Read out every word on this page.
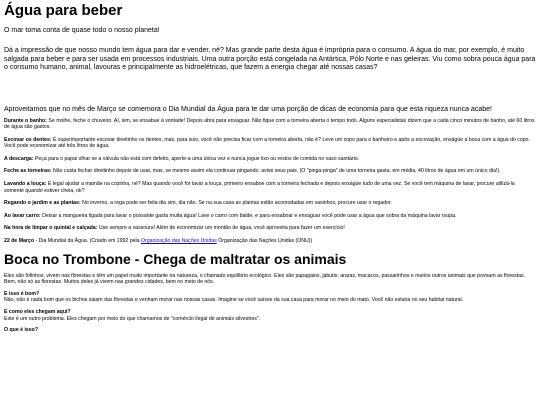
Água para beber

O mar toma conta de quase todo o nosso planeta!

Dá a impressão de que nosso mundo tem água para dar e vender, né? Mas grande parte desta água é imprópria para o consumo. A água do mar, por exemplo, é muito salgada para beber e para ser usada em processos industriais. Uma outra porção está congelada na Antártica, Pólo Norte e nas geleiras. Viu como sobra pouca água para o consumo humano, animal, lavouras e principalmente as hidroelétricas, que fazem a energia chegar até nossas casas?

Aproveitamos que no mês de Março se comemora o Dia Mundial da Água para te dar uma porção de dicas de economia para que esta riqueza nunca acabe!

Durante o banho: Se molhe, feche o chuveiro. Aí, sim, se ensabue à vontade! Depois abra para enxaguar. Não fique com a torneira aberta o tempo todo. Alguns especialistas dizem que a cada cinco minutos de banho, até 60 litros de água são gastos.

Escovar os dentes: É superimportante escovar direitinho os dentes, mas, para isso, você não precisa ficar com a torneira aberta, não é? Leve um copo para o banheiro e após a escovação, enxágüe a boca com a água do copo. Você pode economizar até três litros de água.

A descarga: Peça para o papai olhar se a válvula não está com defeito, aperte-a uma única vez e nunca jogue lixo ou restos de comida no vaso sanitário.

Feche as torneiras: Não custa fechar direitinho depois de usar, mas, se mesmo assim ela continuar pingando, avise seus pais. (O "pinga-pinga" de uma torneira gasta, em média, 40 litros de água em um único dia!).

Lavando a louça: É legal ajudar a mamãe na cozinha, né? Mas quando você for lavar a louça, primeiro ensaboe com a torneira fechada e depois enxágüe tudo de uma vez. Se você tem máquina de lavar, procure utilizá-la somente quando estiver cheia, ok?

Regando o jardim e as plantas: No inverno, a rega pode ser feita dia sim, dia não. Se na sua casa as plantas estão acomodadas em vasinhos, procure usar o regador.

Ao lavar carro: Deixar a mangueira ligada para lavar o possante gasta muita água! Lave o carro com balde, e para ensaboar e enxaguar você pode usar a água que sobra da máquina lavar roupa.

Na hora de limpar o quintal e calçada: Use sempre a vassoura! Além de economizar um montão de água, você aproveita para fazer um exercício!

22 de Março - Dia Mundial da Água. (Criado em 1992 pela Organização das Nações Unidas Organização das Nações Unidas (ONU))

Boca no Trombone - Chega de maltratar os animais

Eles são fofinhos, vivem nas florestas e têm um papel muito importante na natureza, o chamado equilíbrio ecológico. Eles são papagaios, jabutis, araras, macacos, passarinhos e muitos outros animais que povoam as florestas. Bem, não só as florestas. Muitos deles já vivem nas grandes cidades, bem no meio de nós.

E isso é bom?
Não, não é nada bom que os bichos saiam das florestas e venham morar nas nossas casas. Imagine se você saísse da sua casa para morar no meio do mato. Você não estaria no seu habitat natural.

E como eles chegam aqui?
Este é um outro problema. Eles chegam por meio do que chamamos de "comércio ilegal de animais silvestres".

O que é isso?
